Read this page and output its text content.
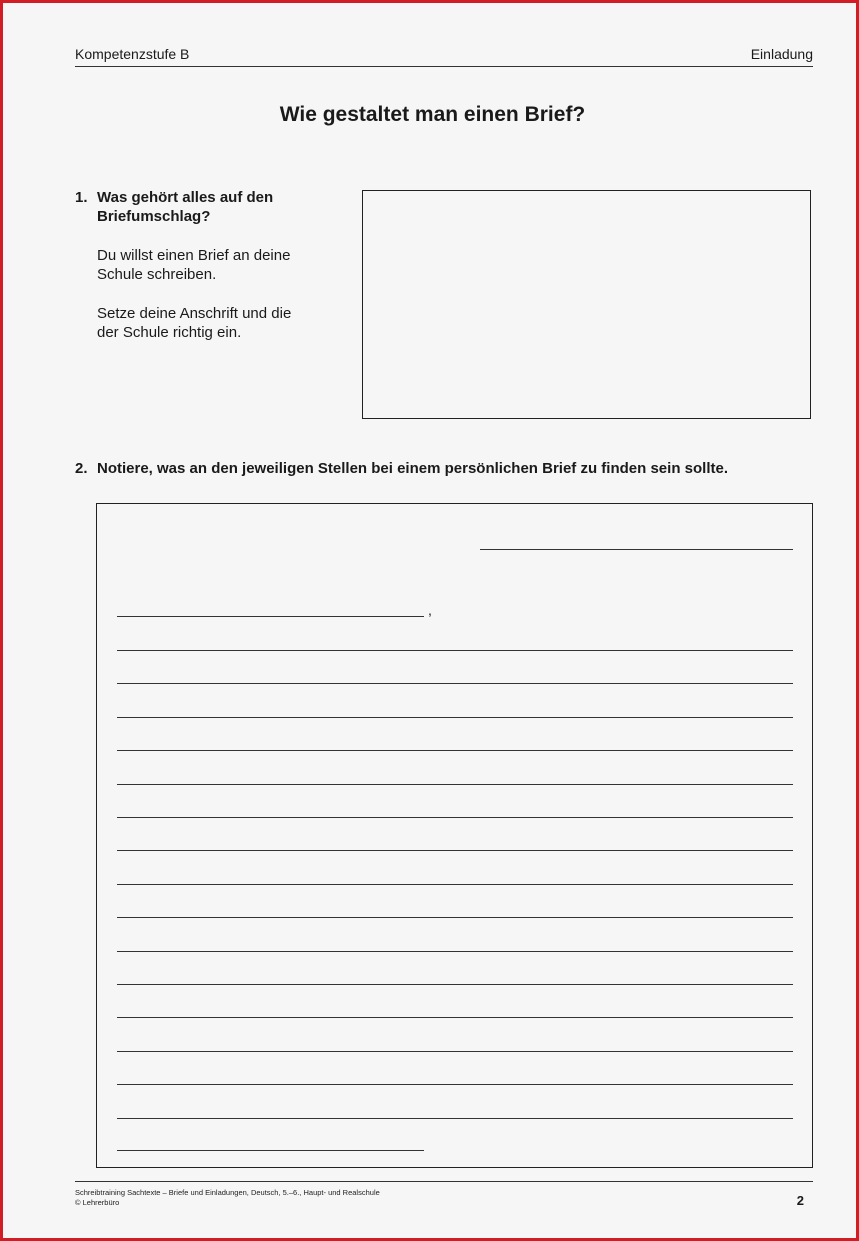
Kompetenzstufe B	Einladung
Wie gestaltet man einen Brief?
1. Was gehört alles auf den
Briefumschlag?
Du willst einen Brief an deine
Schule schreiben.
Setze deine Anschrift und die
der Schule richtig ein.
2. Notiere, was an den jeweiligen Stellen bei einem persönlichen Brief zu finden sein sollte.
,
Schreibtraining Sachtexte – Briefe und Einladungen, Deutsch, 5.–6., Haupt- und Realschule
© Lehrerbüro	2
